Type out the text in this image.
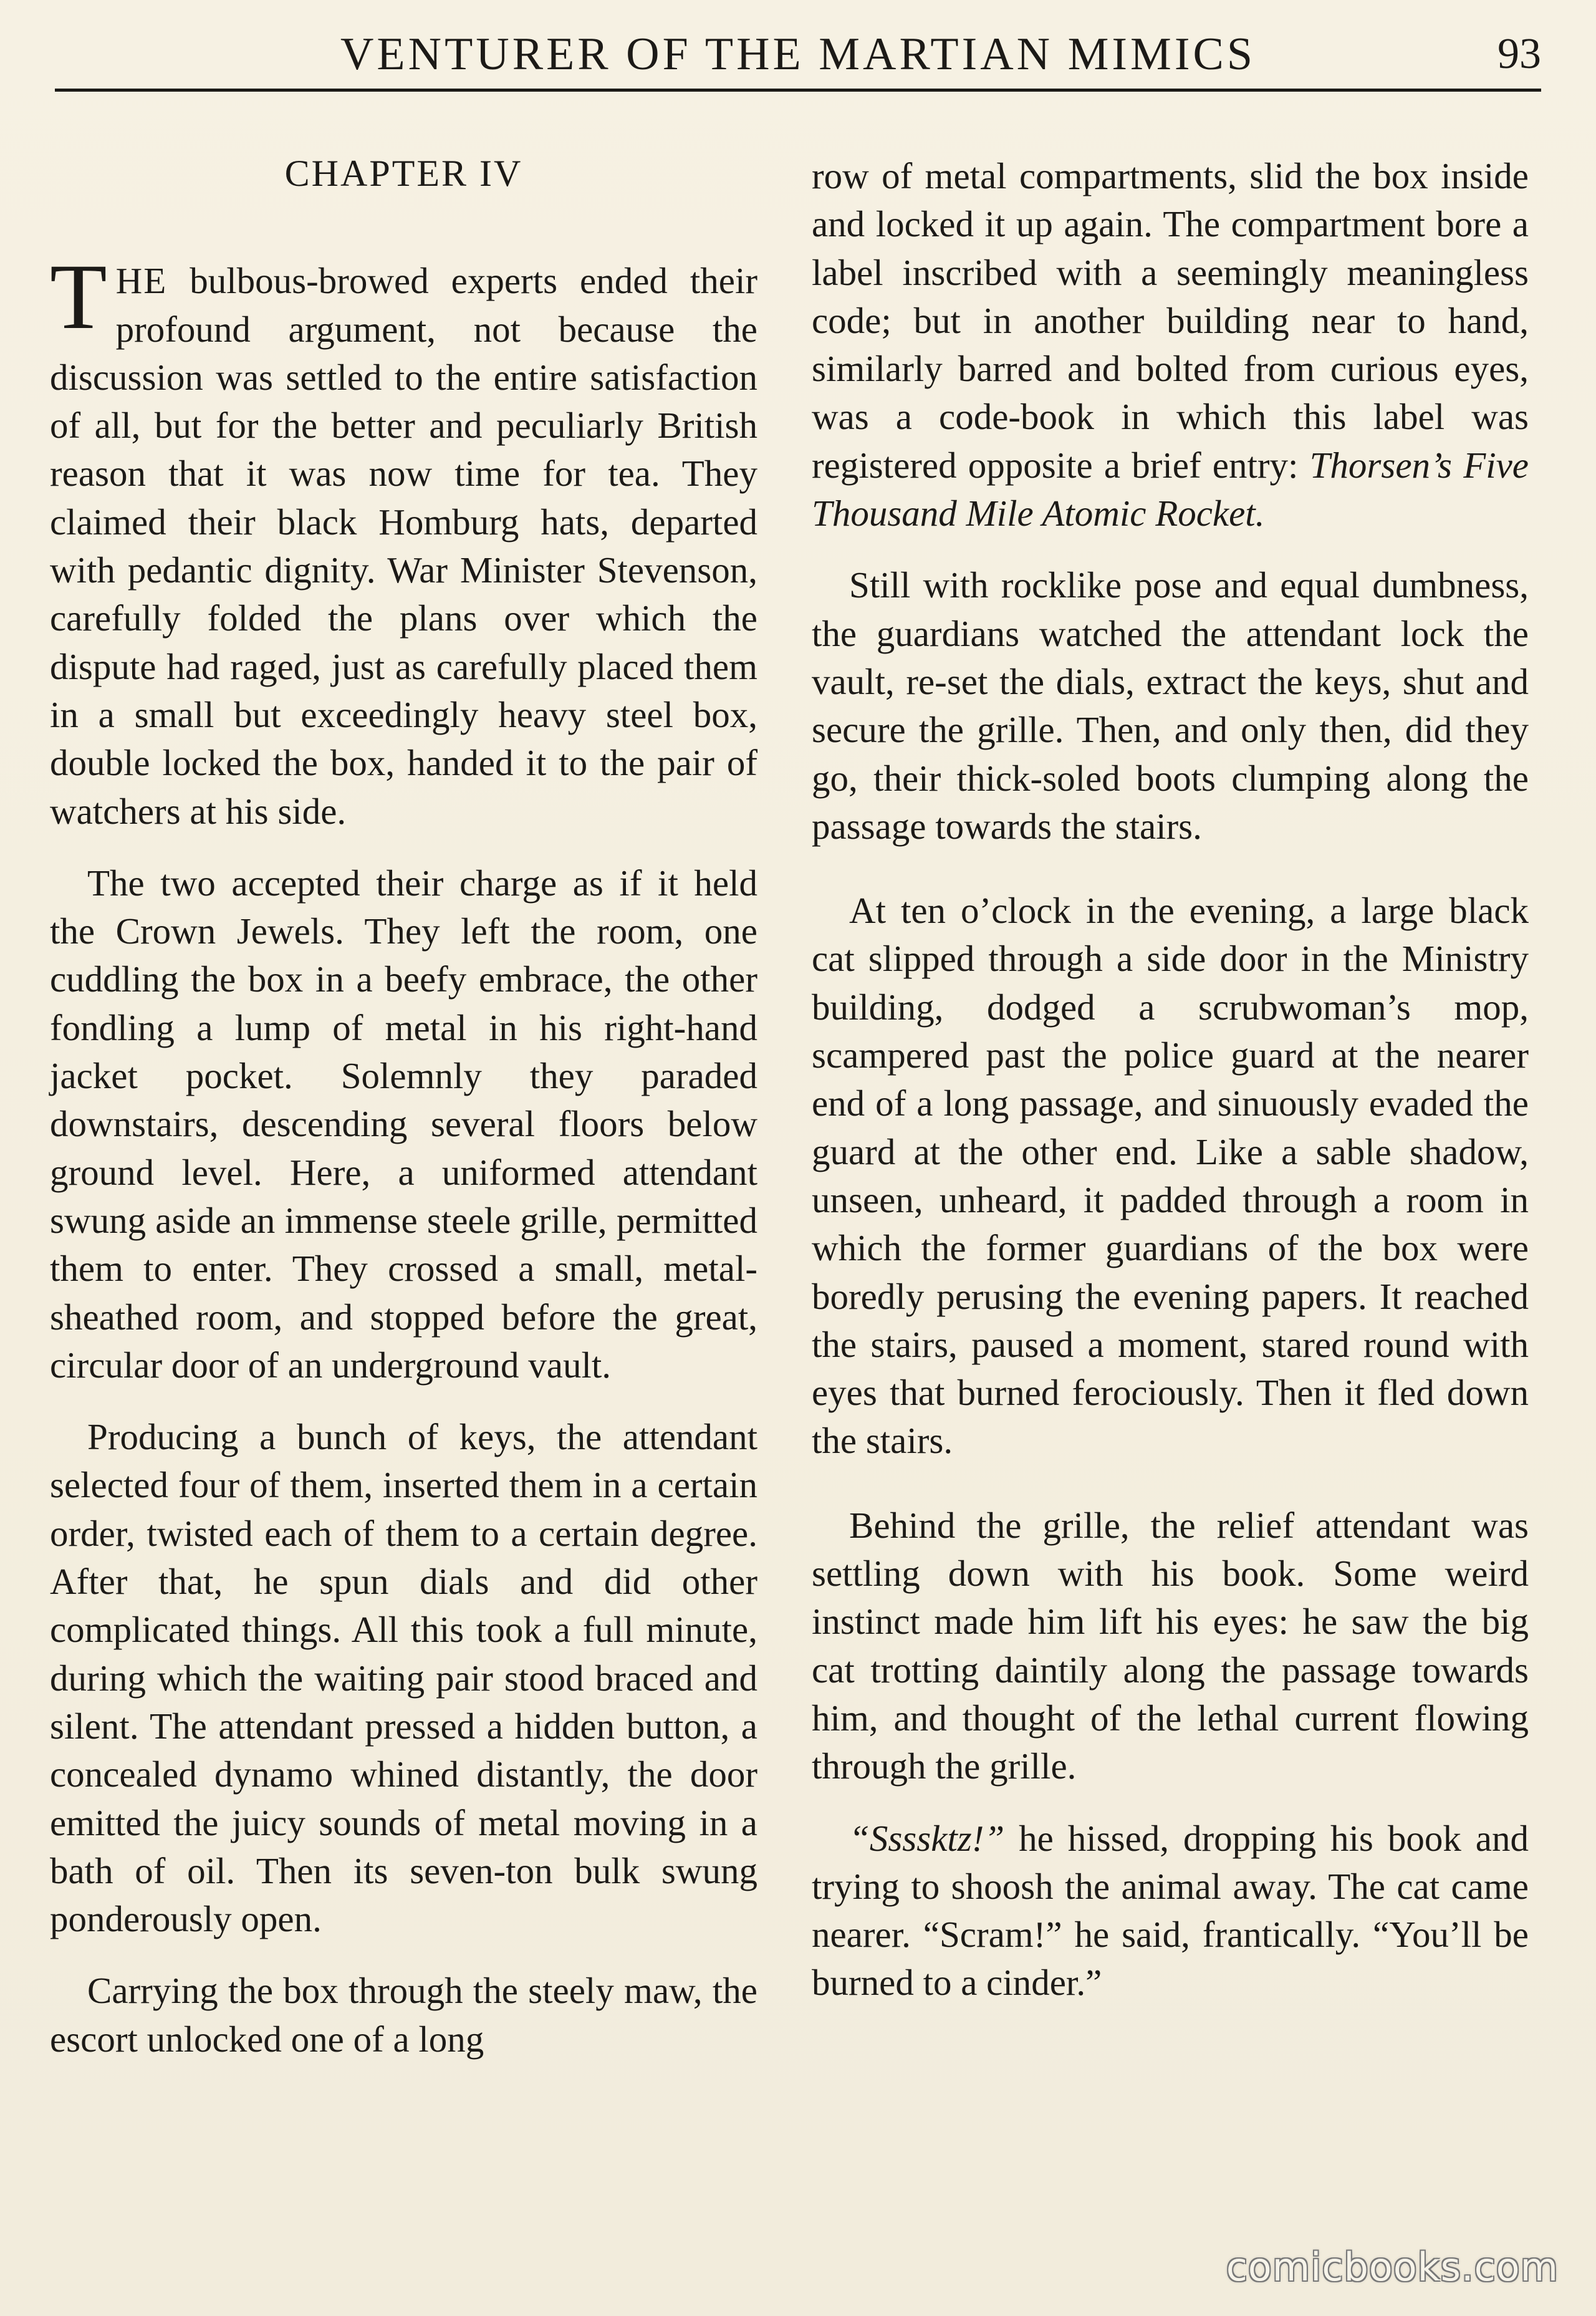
VENTURER OF THE MARTIAN MIMICS	93
CHAPTER IV

THE bulbous-browed experts ended their profound argument, not because the discussion was settled to the entire satisfaction of all, but for the better and peculiarly British reason that it was now time for tea. They claimed their black Homburg hats, departed with pedantic dignity. War Minister Stevenson, carefully folded the plans over which the dispute had raged, just as carefully placed them in a small but exceedingly heavy steel box, double locked the box, handed it to the pair of watchers at his side.

The two accepted their charge as if it held the Crown Jewels. They left the room, one cuddling the box in a beefy embrace, the other fondling a lump of metal in his right-hand jacket pocket. Solemnly they paraded downstairs, descending several floors below ground level. Here, a uniformed attendant swung aside an immense steele grille, permitted them to enter. They crossed a small, metal-sheathed room, and stopped before the great, circular door of an underground vault.

Producing a bunch of keys, the attendant selected four of them, inserted them in a certain order, twisted each of them to a certain degree. After that, he spun dials and did other complicated things. All this took a full minute, during which the waiting pair stood braced and silent. The attendant pressed a hidden button, a concealed dynamo whined distantly, the door emitted the juicy sounds of metal moving in a bath of oil. Then its seven-ton bulk swung ponderously open.

Carrying the box through the steely maw, the escort unlocked one of a long

row of metal compartments, slid the box inside and locked it up again. The compartment bore a label inscribed with a seemingly meaningless code; but in another building near to hand, similarly barred and bolted from curious eyes, was a code-book in which this label was registered opposite a brief entry: Thorsen’s Five Thousand Mile Atomic Rocket.

Still with rocklike pose and equal dumbness, the guardians watched the attendant lock the vault, re-set the dials, extract the keys, shut and secure the grille. Then, and only then, did they go, their thick-soled boots clumping along the passage towards the stairs.

At ten o’clock in the evening, a large black cat slipped through a side door in the Ministry building, dodged a scrubwoman’s mop, scampered past the police guard at the nearer end of a long passage, and sinuously evaded the guard at the other end. Like a sable shadow, unseen, unheard, it padded through a room in which the former guardians of the box were boredly perusing the evening papers. It reached the stairs, paused a moment, stared round with eyes that burned ferociously. Then it fled down the stairs.

Behind the grille, the relief attendant was settling down with his book. Some weird instinct made him lift his eyes: he saw the big cat trotting daintily along the passage towards him, and thought of the lethal current flowing through the grille.

“Ssssktz!” he hissed, dropping his book and trying to shoosh the animal away. The cat came nearer. “Scram!” he said, frantically. “You’ll be burned to a cinder.”

comicbooks.com
